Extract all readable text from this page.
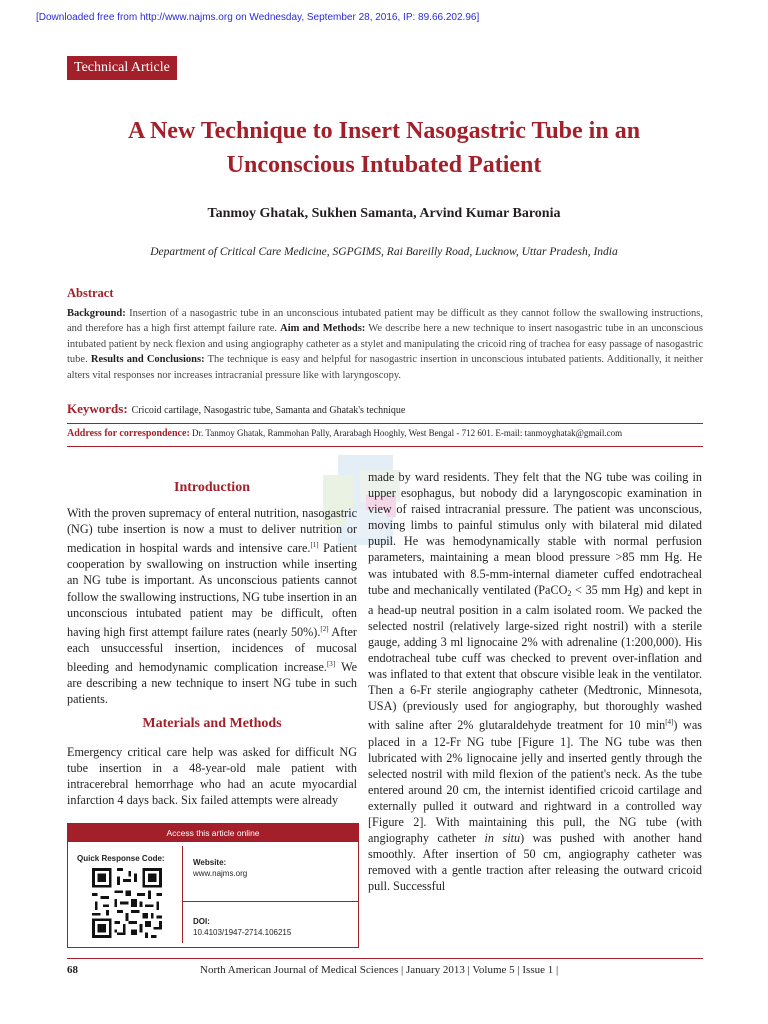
[Downloaded free from http://www.najms.org on Wednesday, September 28, 2016, IP: 89.66.202.96]
Technical Article
A New Technique to Insert Nasogastric Tube in an
Unconscious Intubated Patient
Tanmoy Ghatak, Sukhen Samanta, Arvind Kumar Baronia
Department of Critical Care Medicine, SGPGIMS, Rai Bareilly Road, Lucknow, Uttar Pradesh, India
Abstract

Background: Insertion of a nasogastric tube in an unconscious intubated patient may be difficult as they cannot follow the swallowing instructions, and therefore has a high first attempt failure rate. Aim and Methods: We describe here a new technique to insert nasogastric tube in an unconscious intubated patient by neck flexion and using angiography catheter as a stylet and manipulating the cricoid ring of trachea for easy passage of nasogastric tube. Results and Conclusions: The technique is easy and helpful for nasogastric insertion in unconscious intubated patients. Additionally, it neither alters vital responses nor increases intracranial pressure like with laryngoscopy.

Keywords: Cricoid cartilage, Nasogastric tube, Samanta and Ghatak's technique
Address for correspondence: Dr. Tanmoy Ghatak, Rammohan Pally, Ararabagh Hooghly, West Bengal - 712 601. E-mail: tanmoyghatak@gmail.com
Introduction

With the proven supremacy of enteral nutrition, nasogastric (NG) tube insertion is now a must to deliver nutrition or medication in hospital wards and intensive care.[1] Patient cooperation by swallowing on instruction while inserting an NG tube is important. As unconscious patients cannot follow the swallowing instructions, NG tube insertion in an unconscious intubated patient may be difficult, often having high first attempt failure rates (nearly 50%).[2] After each unsuccessful insertion, incidences of mucosal bleeding and hemodynamic complication increase.[3] We are describing a new technique to insert NG tube in such patients.

Materials and Methods

Emergency critical care help was asked for difficult NG tube insertion in a 48-year-old male patient with intracerebral hemorrhage who had an acute myocardial infarction 4 days back. Six failed attempts were already

made by ward residents. They felt that the NG tube was coiling in upper esophagus, but nobody did a laryngoscopic examination in view of raised intracranial pressure. The patient was unconscious, moving limbs to painful stimulus only with bilateral mid dilated pupil. He was hemodynamically stable with normal perfusion parameters, maintaining a mean blood pressure >85 mm Hg. He was intubated with 8.5-mm-internal diameter cuffed endotracheal tube and mechanically ventilated (PaCO$_2$ < 35 mm Hg) and kept in a head-up neutral position in a calm isolated room. We packed the selected nostril (relatively large-sized right nostril) with a sterile gauge, adding 3 ml lignocaine 2% with adrenaline (1:200,000). His endotracheal tube cuff was checked to prevent over-inflation and was inflated to that extent that obscure visible leak in the ventilator. Then a 6-Fr sterile angiography catheter (Medtronic, Minnesota, USA) (previously used for angiography, but thoroughly washed with saline after 2% glutaraldehyde treatment for 10 min[4]) was placed in a 12-Fr NG tube [Figure 1]. The NG tube was then lubricated with 2% lignocaine jelly and inserted gently through the selected nostril with mild flexion of the patient's neck. As the tube entered around 20 cm, the internist identified cricoid cartilage and externally pulled it outward and rightward in a controlled way [Figure 2]. With maintaining this pull, the NG tube (with angiography catheter in situ) was pushed with another hand smoothly. After insertion of 50 cm, angiography catheter was removed with a gentle traction after releasing the outward cricoid pull. Successful

Access this article online
Quick Response Code:	Website:
www.najms.org
DOI:
10.4103/1947-2714.106215
68	North American Journal of Medical Sciences | January 2013 | Volume 5 | Issue 1 |
